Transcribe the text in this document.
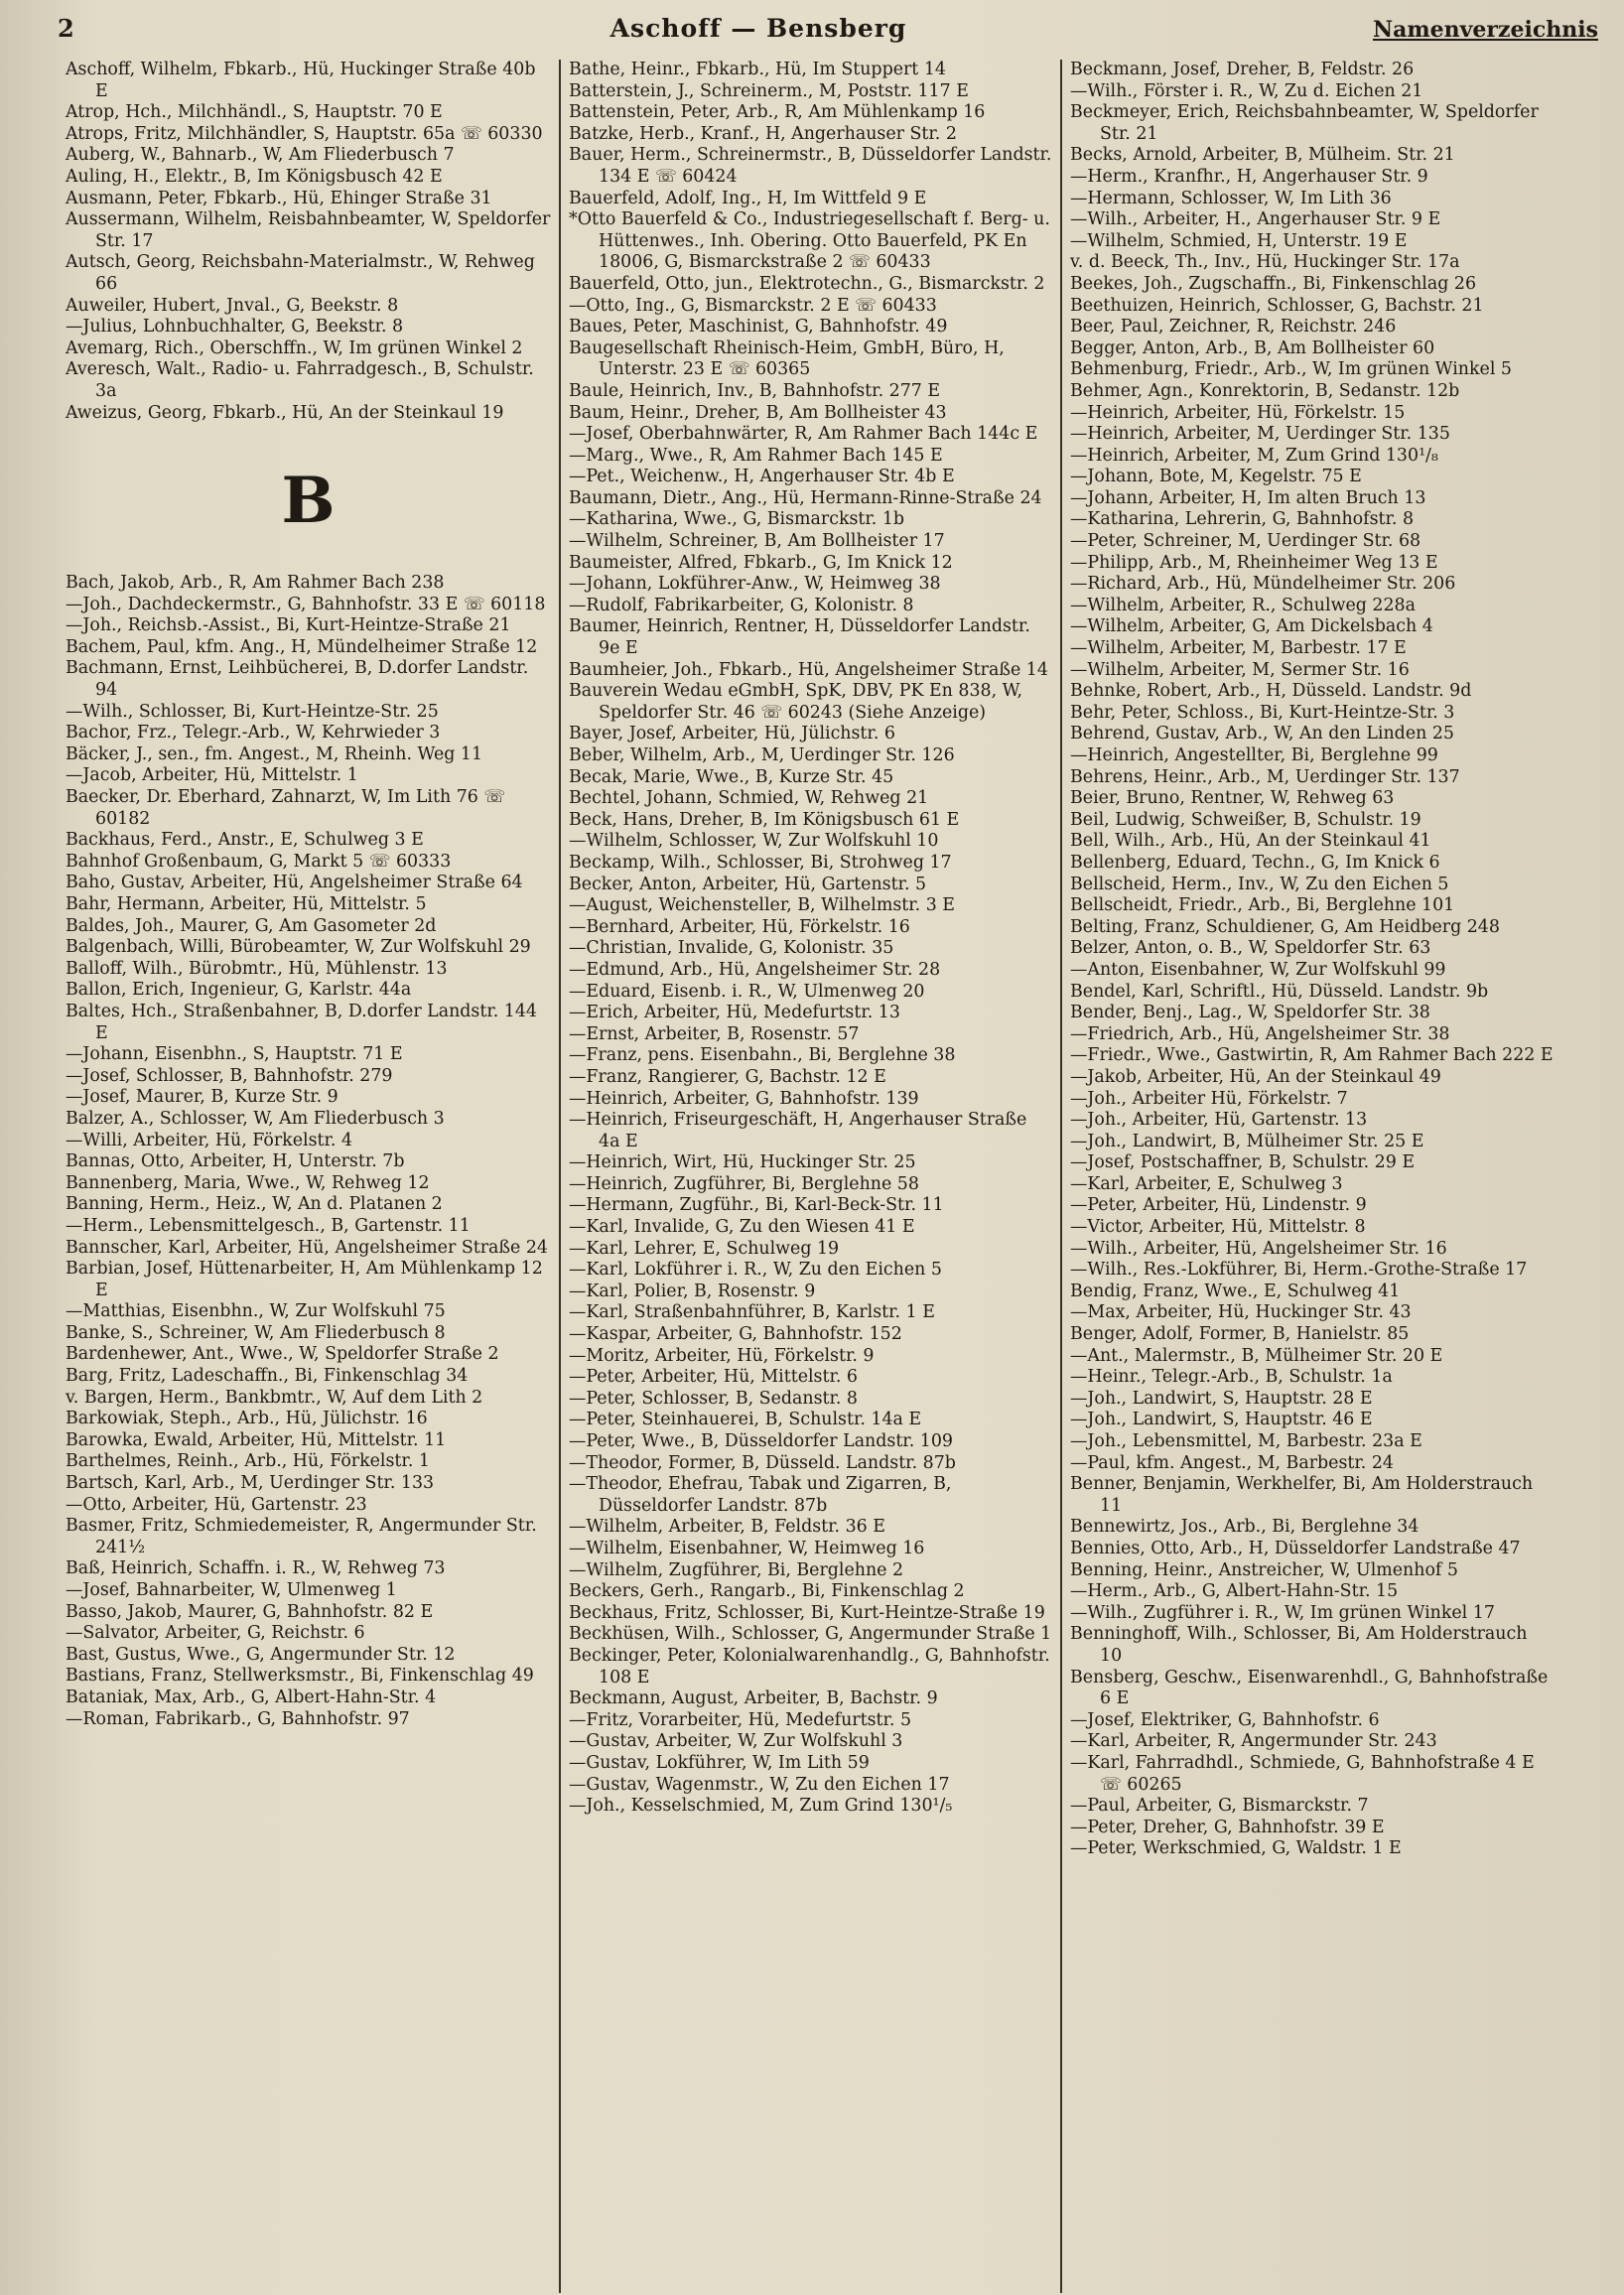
2	Aschoff — Bensberg	Namenverzeichnis

Aschoff, Wilhelm, Fbkarb., Hü, Huckinger Straße 40b E

Atrop, Hch., Milchhändl., S, Hauptstr. 70 E

Atrops, Fritz, Milchhändler, S, Hauptstr. 65a ☏ 60330

Auberg, W., Bahnarb., W, Am Fliederbusch 7

Auling, H., Elektr., B, Im Königsbusch 42 E

Ausmann, Peter, Fbkarb., Hü, Ehinger Straße 31

Aussermann, Wilhelm, Reisbahnbeamter, W, Speldorfer Str. 17

Autsch, Georg, Reichsbahn-Materialmstr., W, Rehweg 66

Auweiler, Hubert, Jnval., G, Beekstr. 8

—Julius, Lohnbuchhalter, G, Beekstr. 8

Avemarg, Rich., Oberschffn., W, Im grünen Winkel 2

Averesch, Walt., Radio- u. Fahrradgesch., B, Schulstr. 3a

Aweizus, Georg, Fbkarb., Hü, An der Steinkaul 19

B

Bach, Jakob, Arb., R, Am Rahmer Bach 238

—Joh., Dachdeckermstr., G, Bahnhofstr. 33 E ☏ 60118

—Joh., Reichsb.-Assist., Bi, Kurt-Heintze-Straße 21

Bachem, Paul, kfm. Ang., H, Mündelheimer Straße 12

Bachmann, Ernst, Leihbücherei, B, D.dorfer Landstr. 94

—Wilh., Schlosser, Bi, Kurt-Heintze-Str. 25

Bachor, Frz., Telegr.-Arb., W, Kehrwieder 3

Bäcker, J., sen., fm. Angest., M, Rheinh. Weg 11

—Jacob, Arbeiter, Hü, Mittelstr. 1

Baecker, Dr. Eberhard, Zahnarzt, W, Im Lith 76 ☏ 60182

Backhaus, Ferd., Anstr., E, Schulweg 3 E

Bahnhof Großenbaum, G, Markt 5 ☏ 60333

Baho, Gustav, Arbeiter, Hü, Angelsheimer Straße 64

Bahr, Hermann, Arbeiter, Hü, Mittelstr. 5

Baldes, Joh., Maurer, G, Am Gasometer 2d

Balgenbach, Willi, Bürobeamter, W, Zur Wolfskuhl 29

Balloff, Wilh., Bürobmtr., Hü, Mühlenstr. 13

Ballon, Erich, Ingenieur, G, Karlstr. 44a

Baltes, Hch., Straßenbahner, B, D.dorfer Landstr. 144 E

—Johann, Eisenbhn., S, Hauptstr. 71 E

—Josef, Schlosser, B, Bahnhofstr. 279

—Josef, Maurer, B, Kurze Str. 9

Balzer, A., Schlosser, W, Am Fliederbusch 3

—Willi, Arbeiter, Hü, Förkelstr. 4

Bannas, Otto, Arbeiter, H, Unterstr. 7b

Bannenberg, Maria, Wwe., W, Rehweg 12

Banning, Herm., Heiz., W, An d. Platanen 2

—Herm., Lebensmittelgesch., B, Gartenstr. 11

Bannscher, Karl, Arbeiter, Hü, Angelsheimer Straße 24

Barbian, Josef, Hüttenarbeiter, H, Am Mühlenkamp 12 E

—Matthias, Eisenbhn., W, Zur Wolfskuhl 75

Banke, S., Schreiner, W, Am Fliederbusch 8

Bardenhewer, Ant., Wwe., W, Speldorfer Straße 2

Barg, Fritz, Ladeschaffn., Bi, Finkenschlag 34

v. Bargen, Herm., Bankbmtr., W, Auf dem Lith 2

Barkowiak, Steph., Arb., Hü, Jülichstr. 16

Barowka, Ewald, Arbeiter, Hü, Mittelstr. 11

Barthelmes, Reinh., Arb., Hü, Förkelstr. 1

Bartsch, Karl, Arb., M, Uerdinger Str. 133

—Otto, Arbeiter, Hü, Gartenstr. 23

Basmer, Fritz, Schmiedemeister, R, Angermunder Str. 241½

Baß, Heinrich, Schaffn. i. R., W, Rehweg 73

—Josef, Bahnarbeiter, W, Ulmenweg 1

Basso, Jakob, Maurer, G, Bahnhofstr. 82 E

—Salvator, Arbeiter, G, Reichstr. 6

Bast, Gustus, Wwe., G, Angermunder Str. 12

Bastians, Franz, Stellwerksmstr., Bi, Finkenschlag 49

Bataniak, Max, Arb., G, Albert-Hahn-Str. 4

—Roman, Fabrikarb., G, Bahnhofstr. 97

Bathe, Heinr., Fbkarb., Hü, Im Stuppert 14

Batterstein, J., Schreinerm., M, Poststr. 117 E

Battenstein, Peter, Arb., R, Am Mühlenkamp 16

Batzke, Herb., Kranf., H, Angerhauser Str. 2

Bauer, Herm., Schreinermstr., B, Düsseldorfer Landstr. 134 E ☏ 60424

Bauerfeld, Adolf, Ing., H, Im Wittfeld 9 E

*Otto Bauerfeld & Co., Industriegesellschaft f. Berg- u. Hüttenwes., Inh. Obering. Otto Bauerfeld, PK En 18006, G, Bismarckstraße 2 ☏ 60433

Bauerfeld, Otto, jun., Elektrotechn., G., Bismarckstr. 2

—Otto, Ing., G, Bismarckstr. 2 E ☏ 60433

Baues, Peter, Maschinist, G, Bahnhofstr. 49

Baugesellschaft Rheinisch-Heim, GmbH, Büro, H, Unterstr. 23 E ☏ 60365

Baule, Heinrich, Inv., B, Bahnhofstr. 277 E

Baum, Heinr., Dreher, B, Am Bollheister 43

—Josef, Oberbahnwärter, R, Am Rahmer Bach 144c E

—Marg., Wwe., R, Am Rahmer Bach 145 E

—Pet., Weichenw., H, Angerhauser Str. 4b E

Baumann, Dietr., Ang., Hü, Hermann-Rinne-Straße 24

—Katharina, Wwe., G, Bismarckstr. 1b

—Wilhelm, Schreiner, B, Am Bollheister 17

Baumeister, Alfred, Fbkarb., G, Im Knick 12

—Johann, Lokführer-Anw., W, Heimweg 38

—Rudolf, Fabrikarbeiter, G, Kolonistr. 8

Baumer, Heinrich, Rentner, H, Düsseldorfer Landstr. 9e E

Baumheier, Joh., Fbkarb., Hü, Angelsheimer Straße 14

Bauverein Wedau eGmbH, SpK, DBV, PK En 838, W, Speldorfer Str. 46 ☏ 60243 (Siehe Anzeige)

Bayer, Josef, Arbeiter, Hü, Jülichstr. 6

Beber, Wilhelm, Arb., M, Uerdinger Str. 126

Becak, Marie, Wwe., B, Kurze Str. 45

Bechtel, Johann, Schmied, W, Rehweg 21

Beck, Hans, Dreher, B, Im Königsbusch 61 E

—Wilhelm, Schlosser, W, Zur Wolfskuhl 10

Beckamp, Wilh., Schlosser, Bi, Strohweg 17

Becker, Anton, Arbeiter, Hü, Gartenstr. 5

—August, Weichensteller, B, Wilhelmstr. 3 E

—Bernhard, Arbeiter, Hü, Förkelstr. 16

—Christian, Invalide, G, Kolonistr. 35

—Edmund, Arb., Hü, Angelsheimer Str. 28

—Eduard, Eisenb. i. R., W, Ulmenweg 20

—Erich, Arbeiter, Hü, Medefurtstr. 13

—Ernst, Arbeiter, B, Rosenstr. 57

—Franz, pens. Eisenbahn., Bi, Berglehne 38

—Franz, Rangierer, G, Bachstr. 12 E

—Heinrich, Arbeiter, G, Bahnhofstr. 139

—Heinrich, Friseurgeschäft, H, Angerhauser Straße 4a E

—Heinrich, Wirt, Hü, Huckinger Str. 25

—Heinrich, Zugführer, Bi, Berglehne 58

—Hermann, Zugführ., Bi, Karl-Beck-Str. 11

—Karl, Invalide, G, Zu den Wiesen 41 E

—Karl, Lehrer, E, Schulweg 19

—Karl, Lokführer i. R., W, Zu den Eichen 5

—Karl, Polier, B, Rosenstr. 9

—Karl, Straßenbahnführer, B, Karlstr. 1 E

—Kaspar, Arbeiter, G, Bahnhofstr. 152

—Moritz, Arbeiter, Hü, Förkelstr. 9

—Peter, Arbeiter, Hü, Mittelstr. 6

—Peter, Schlosser, B, Sedanstr. 8

—Peter, Steinhauerei, B, Schulstr. 14a E

—Peter, Wwe., B, Düsseldorfer Landstr. 109

—Theodor, Former, B, Düsseld. Landstr. 87b

—Theodor, Ehefrau, Tabak und Zigarren, B, Düsseldorfer Landstr. 87b

—Wilhelm, Arbeiter, B, Feldstr. 36 E

—Wilhelm, Eisenbahner, W, Heimweg 16

—Wilhelm, Zugführer, Bi, Berglehne 2

Beckers, Gerh., Rangarb., Bi, Finkenschlag 2

Beckhaus, Fritz, Schlosser, Bi, Kurt-Heintze-Straße 19

Beckhüsen, Wilh., Schlosser, G, Angermunder Straße 1

Beckinger, Peter, Kolonialwarenhandlg., G, Bahnhofstr. 108 E

Beckmann, August, Arbeiter, B, Bachstr. 9

—Fritz, Vorarbeiter, Hü, Medefurtstr. 5

—Gustav, Arbeiter, W, Zur Wolfskuhl 3

—Gustav, Lokführer, W, Im Lith 59

—Gustav, Wagenmstr., W, Zu den Eichen 17

—Joh., Kesselschmied, M, Zum Grind 130¹/₅

Beckmann, Josef, Dreher, B, Feldstr. 26

—Wilh., Förster i. R., W, Zu d. Eichen 21

Beckmeyer, Erich, Reichsbahnbeamter, W, Speldorfer Str. 21

Becks, Arnold, Arbeiter, B, Mülheim. Str. 21

—Herm., Kranfhr., H, Angerhauser Str. 9

—Hermann, Schlosser, W, Im Lith 36

—Wilh., Arbeiter, H., Angerhauser Str. 9 E

—Wilhelm, Schmied, H, Unterstr. 19 E

v. d. Beeck, Th., Inv., Hü, Huckinger Str. 17a

Beekes, Joh., Zugschaffn., Bi, Finkenschlag 26

Beethuizen, Heinrich, Schlosser, G, Bachstr. 21

Beer, Paul, Zeichner, R, Reichstr. 246

Begger, Anton, Arb., B, Am Bollheister 60

Behmenburg, Friedr., Arb., W, Im grünen Winkel 5

Behmer, Agn., Konrektorin, B, Sedanstr. 12b

—Heinrich, Arbeiter, Hü, Förkelstr. 15

—Heinrich, Arbeiter, M, Uerdinger Str. 135

—Heinrich, Arbeiter, M, Zum Grind 130¹/₈

—Johann, Bote, M, Kegelstr. 75 E

—Johann, Arbeiter, H, Im alten Bruch 13

—Katharina, Lehrerin, G, Bahnhofstr. 8

—Peter, Schreiner, M, Uerdinger Str. 68

—Philipp, Arb., M, Rheinheimer Weg 13 E

—Richard, Arb., Hü, Mündelheimer Str. 206

—Wilhelm, Arbeiter, R., Schulweg 228a

—Wilhelm, Arbeiter, G, Am Dickelsbach 4

—Wilhelm, Arbeiter, M, Barbestr. 17 E

—Wilhelm, Arbeiter, M, Sermer Str. 16

Behnke, Robert, Arb., H, Düsseld. Landstr. 9d

Behr, Peter, Schloss., Bi, Kurt-Heintze-Str. 3

Behrend, Gustav, Arb., W, An den Linden 25

—Heinrich, Angestellter, Bi, Berglehne 99

Behrens, Heinr., Arb., M, Uerdinger Str. 137

Beier, Bruno, Rentner, W, Rehweg 63

Beil, Ludwig, Schweißer, B, Schulstr. 19

Bell, Wilh., Arb., Hü, An der Steinkaul 41

Bellenberg, Eduard, Techn., G, Im Knick 6

Bellscheid, Herm., Inv., W, Zu den Eichen 5

Bellscheidt, Friedr., Arb., Bi, Berglehne 101

Belting, Franz, Schuldiener, G, Am Heidberg 248

Belzer, Anton, o. B., W, Speldorfer Str. 63

—Anton, Eisenbahner, W, Zur Wolfskuhl 99

Bendel, Karl, Schriftl., Hü, Düsseld. Landstr. 9b

Bender, Benj., Lag., W, Speldorfer Str. 38

—Friedrich, Arb., Hü, Angelsheimer Str. 38

—Friedr., Wwe., Gastwirtin, R, Am Rahmer Bach 222 E

—Jakob, Arbeiter, Hü, An der Steinkaul 49

—Joh., Arbeiter Hü, Förkelstr. 7

—Joh., Arbeiter, Hü, Gartenstr. 13

—Joh., Landwirt, B, Mülheimer Str. 25 E

—Josef, Postschaffner, B, Schulstr. 29 E

—Karl, Arbeiter, E, Schulweg 3

—Peter, Arbeiter, Hü, Lindenstr. 9

—Victor, Arbeiter, Hü, Mittelstr. 8

—Wilh., Arbeiter, Hü, Angelsheimer Str. 16

—Wilh., Res.-Lokführer, Bi, Herm.-Grothe-Straße 17

Bendig, Franz, Wwe., E, Schulweg 41

—Max, Arbeiter, Hü, Huckinger Str. 43

Benger, Adolf, Former, B, Hanielstr. 85

—Ant., Malermstr., B, Mülheimer Str. 20 E

—Heinr., Telegr.-Arb., B, Schulstr. 1a

—Joh., Landwirt, S, Hauptstr. 28 E

—Joh., Landwirt, S, Hauptstr. 46 E

—Joh., Lebensmittel, M, Barbestr. 23a E

—Paul, kfm. Angest., M, Barbestr. 24

Benner, Benjamin, Werkhelfer, Bi, Am Holderstrauch 11

Bennewirtz, Jos., Arb., Bi, Berglehne 34

Bennies, Otto, Arb., H, Düsseldorfer Landstraße 47

Benning, Heinr., Anstreicher, W, Ulmenhof 5

—Herm., Arb., G, Albert-Hahn-Str. 15

—Wilh., Zugführer i. R., W, Im grünen Winkel 17

Benninghoff, Wilh., Schlosser, Bi, Am Holderstrauch 10

Bensberg, Geschw., Eisenwarenhdl., G, Bahnhofstraße 6 E

—Josef, Elektriker, G, Bahnhofstr. 6

—Karl, Arbeiter, R, Angermunder Str. 243

—Karl, Fahrradhdl., Schmiede, G, Bahnhofstraße 4 E ☏ 60265

—Paul, Arbeiter, G, Bismarckstr. 7

—Peter, Dreher, G, Bahnhofstr. 39 E

—Peter, Werkschmied, G, Waldstr. 1 E
